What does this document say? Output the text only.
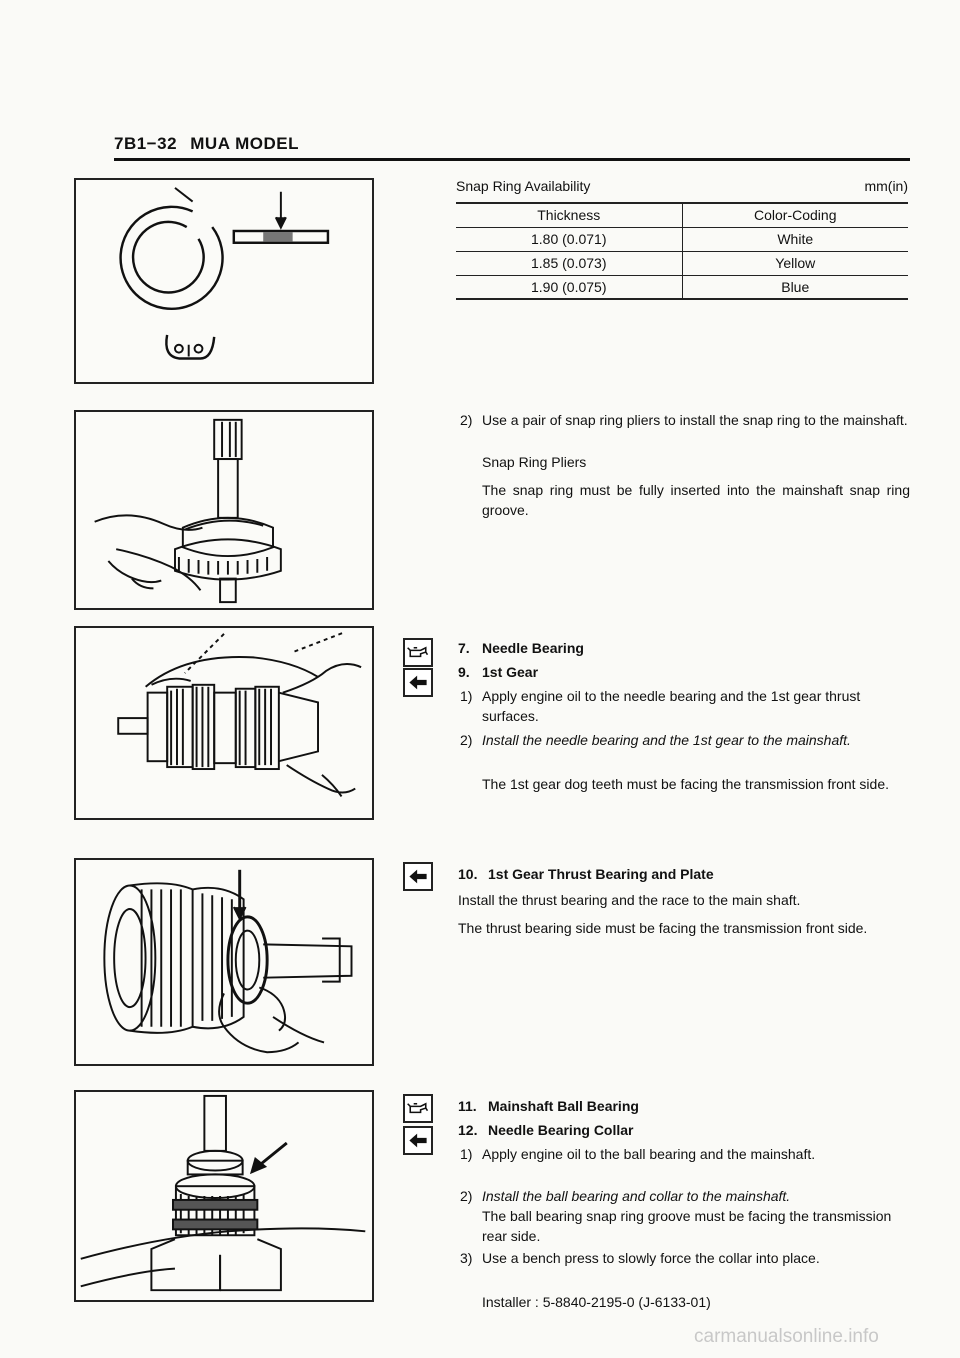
7B1−32 MUA MODEL
Snap Ring Availability	mm(in)
Thickness	Color-Coding
1.80 (0.071)	White
1.85 (0.073)	Yellow
1.90 (0.075)	Blue
2) Use a pair of snap ring pliers to install the snap ring to the mainshaft.
Snap Ring Pliers
The snap ring must be fully inserted into the mainshaft snap ring groove.
7. Needle Bearing
9. 1st Gear
1) Apply engine oil to the needle bearing and the 1st gear thrust surfaces.
2) Install the needle bearing and the 1st gear to the mainshaft.
The 1st gear dog teeth must be facing the transmission front side.
10. 1st Gear Thrust Bearing and Plate
Install the thrust bearing and the race to the main shaft.
The thrust bearing side must be facing the transmission front side.
11. Mainshaft Ball Bearing
12. Needle Bearing Collar
1) Apply engine oil to the ball bearing and the mainshaft.
2) Install the ball bearing and collar to the mainshaft.
The ball bearing snap ring groove must be facing the transmission rear side.
3) Use a bench press to slowly force the collar into place.
Installer : 5-8840-2195-0 (J-6133-01)
carmanualsonline.info
